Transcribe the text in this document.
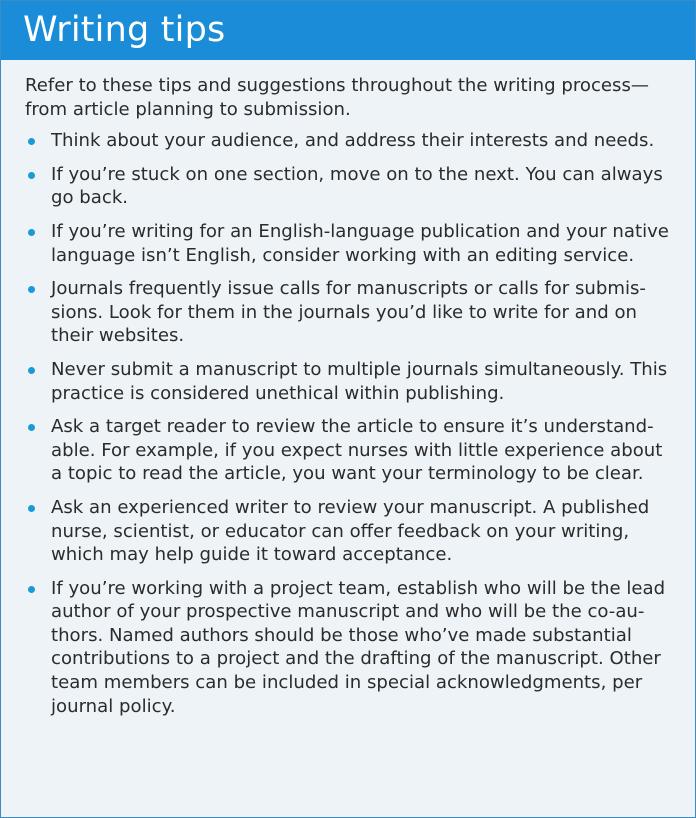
Writing tips

Refer to these tips and suggestions throughout the writing process—from article planning to submission.

Think about your audience, and address their interests and needs.
If you’re stuck on one section, move on to the next. You can always go back.
If you’re writing for an English-language publication and your native language isn’t English, consider working with an editing service.
Journals frequently issue calls for manuscripts or calls for submis-sions. Look for them in the journals you’d like to write for and on their websites.
Never submit a manuscript to multiple journals simultaneously. This practice is considered unethical within publishing.
Ask a target reader to review the article to ensure it’s understand-able. For example, if you expect nurses with little experience about a topic to read the article, you want your terminology to be clear.
Ask an experienced writer to review your manuscript. A published nurse, scientist, or educator can offer feedback on your writing, which may help guide it toward acceptance.
If you’re working with a project team, establish who will be the lead author of your prospective manuscript and who will be the co-au-thors. Named authors should be those who’ve made substantial contributions to a project and the drafting of the manuscript. Other team members can be included in special acknowledgments, per journal policy.
